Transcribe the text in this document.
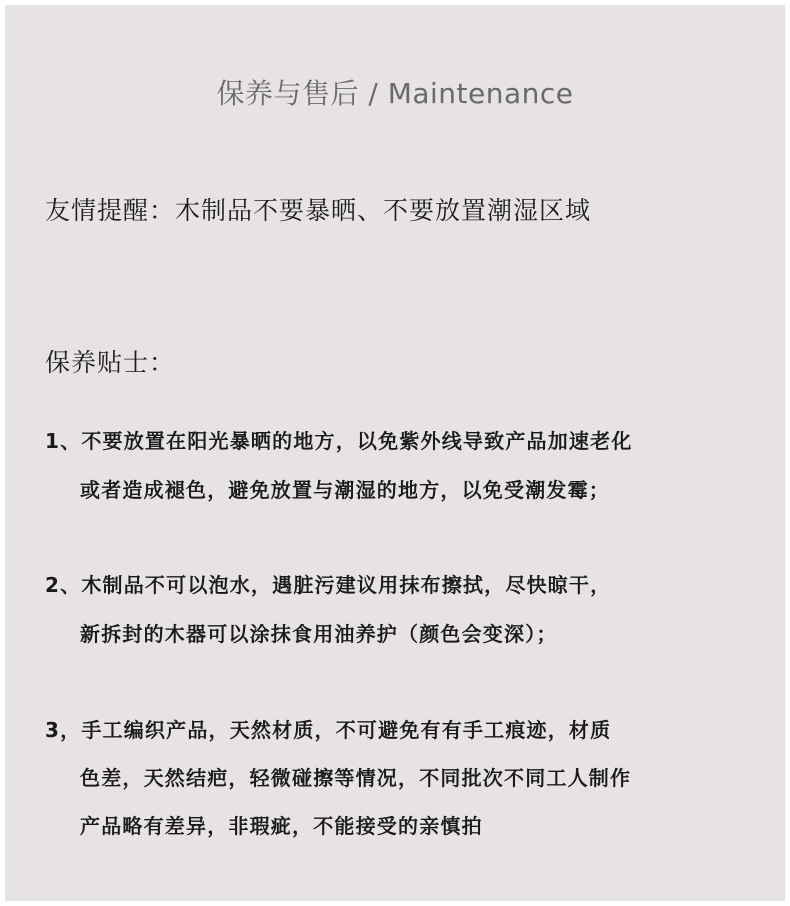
保养与售后 / Maintenance
友情提醒：木制品不要暴晒、不要放置潮湿区域
保养贴士：
1、不要放置在阳光暴晒的地方，以免紫外线导致产品加速老化
或者造成褪色，避免放置与潮湿的地方，以免受潮发霉；
2、木制品不可以泡水，遇脏污建议用抹布擦拭，尽快晾干，
新拆封的木器可以涂抹食用油养护（颜色会变深）；
3，手工编织产品，天然材质，不可避免有有手工痕迹，材质
色差，天然结疤，轻微碰擦等情况，不同批次不同工人制作
产品略有差异，非瑕疵，不能接受的亲慎拍
